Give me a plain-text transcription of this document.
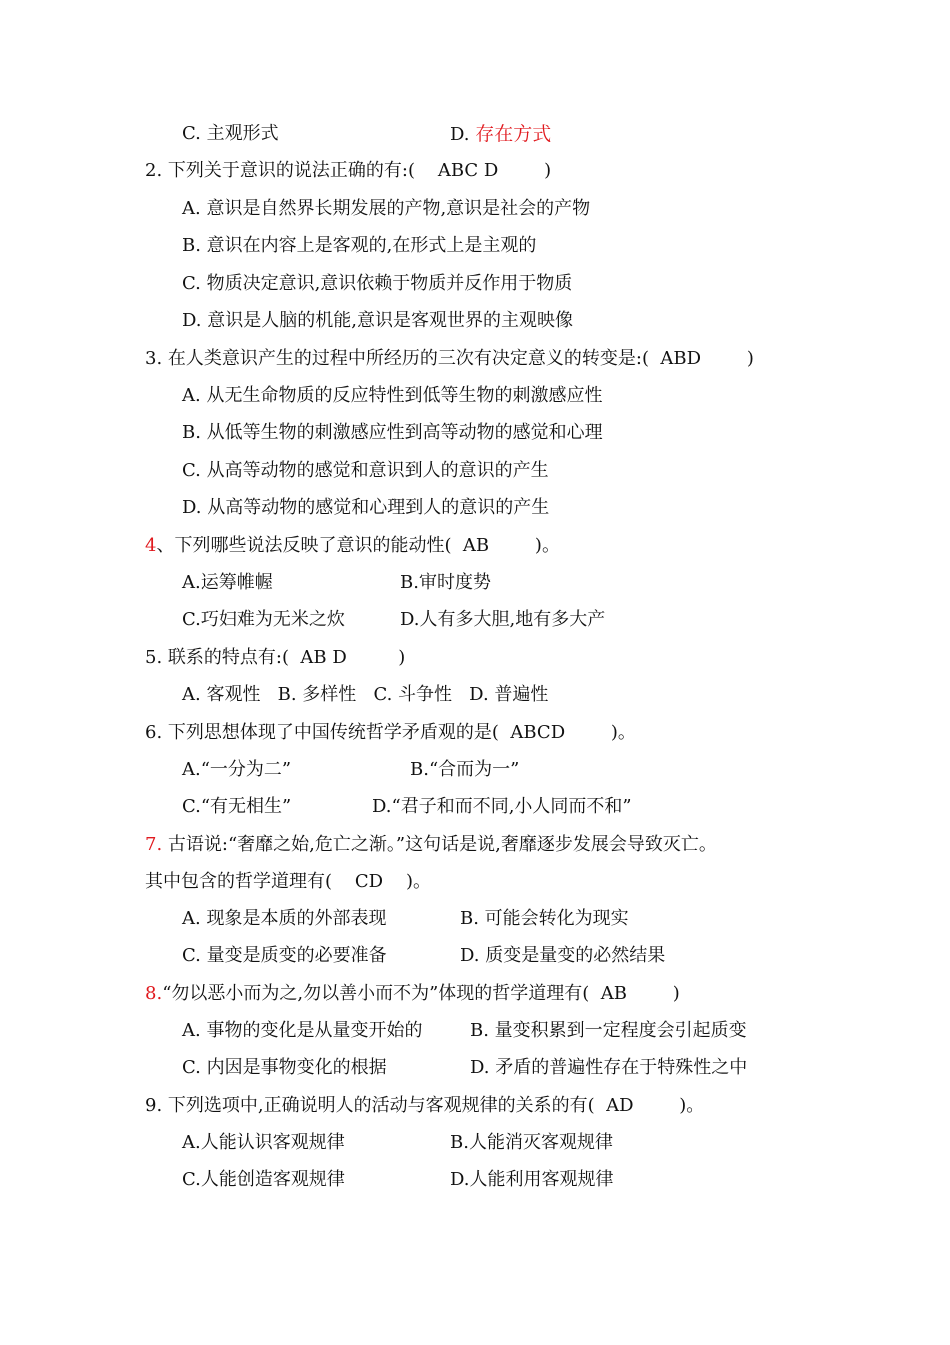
C. 主观形式	D. 存在方式
2. 下列关于意识的说法正确的有:(    ABC D        )
A. 意识是自然界长期发展的产物,意识是社会的产物
B. 意识在内容上是客观的,在形式上是主观的
C. 物质决定意识,意识依赖于物质并反作用于物质
D. 意识是人脑的机能,意识是客观世界的主观映像
3. 在人类意识产生的过程中所经历的三次有决定意义的转变是:(  ABD        )
A. 从无生命物质的反应特性到低等生物的刺激感应性
B. 从低等生物的刺激感应性到高等动物的感觉和心理
C. 从高等动物的感觉和意识到人的意识的产生
D. 从高等动物的感觉和心理到人的意识的产生
4、下列哪些说法反映了意识的能动性(  AB        )。
A.运筹帷幄	B.审时度势
C.巧妇难为无米之炊	D.人有多大胆,地有多大产
5. 联系的特点有:(  AB D         )
A. 客观性   B. 多样性   C. 斗争性   D. 普遍性
6. 下列思想体现了中国传统哲学矛盾观的是(  ABCD        )。
A.“一分为二”	B.“合而为一”
C.“有无相生”	D.“君子和而不同,小人同而不和”
7. 古语说:“奢靡之始,危亡之渐。”这句话是说,奢靡逐步发展会导致灭亡。
其中包含的哲学道理有(    CD    )。
A. 现象是本质的外部表现	B. 可能会转化为现实
C. 量变是质变的必要准备	D. 质变是量变的必然结果
8.“勿以恶小而为之,勿以善小而不为”体现的哲学道理有(  AB        )
A. 事物的变化是从量变开始的	B. 量变积累到一定程度会引起质变
C. 内因是事物变化的根据	D. 矛盾的普遍性存在于特殊性之中
9. 下列选项中,正确说明人的活动与客观规律的关系的有(  AD        )。
A.人能认识客观规律	B.人能消灭客观规律
C.人能创造客观规律	D.人能利用客观规律
